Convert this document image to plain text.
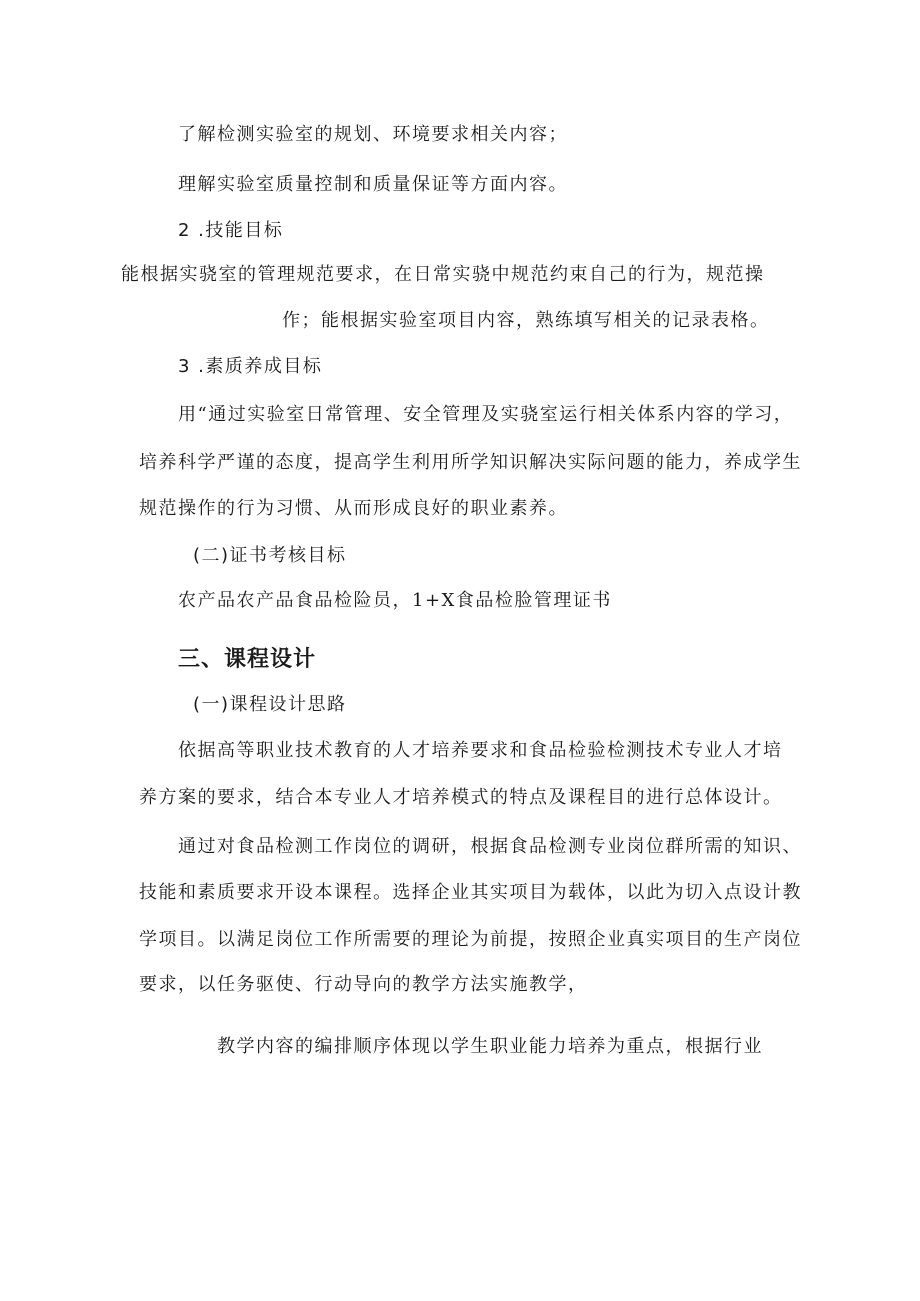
了解检测实验室的规划、环境要求相关内容；
理解实验室质量控制和质量保证等方面内容。
2 .技能目标
能根据实骁室的管理规范要求，在日常实骁中规范约束自己的行为，规范操
作；能根据实验室项目内容，熟练填写相关的记录表格。
3 .素质养成目标
用“通过实验室日常管理、安全管理及实骁室运行相关体系内容的学习，
培养科学严谨的态度，提高学生利用所学知识解决实际问题的能力，养成学生
规范操作的行为习惯、从而形成良好的职业素养。
(二)证书考核目标
农产品农产品食品检险员，1+X食品检脸管理证书
三、课程设计
(一)课程设计思路
依据高等职业技术教育的人才培养要求和食品检验检测技术专业人才培
养方案的要求，结合本专业人才培养模式的特点及课程目的进行总体设计。
通过对食品检测工作岗位的调研，根据食品检测专业岗位群所需的知识、
技能和素质要求开设本课程。选择企业其实项目为载体，以此为切入点设计教
学项目。以满足岗位工作所需要的理论为前提，按照企业真实项目的生产岗位
要求，以任务驱使、行动导向的教学方法实施教学，
教学内容的编排顺序体现以学生职业能力培养为重点，根据行业
